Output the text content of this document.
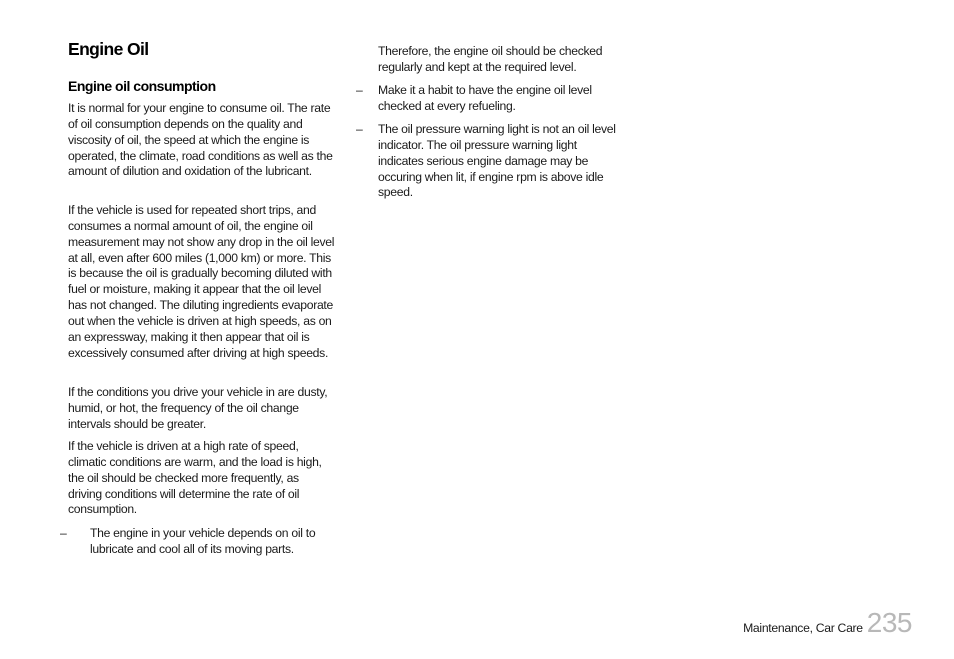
Engine Oil
Engine oil consumption

It is normal for your engine to consume oil. The rate of oil consumption depends on the quality and viscosity of oil, the speed at which the engine is operated, the climate, road conditions as well as the amount of dilution and oxidation of the lubricant.

If the vehicle is used for repeated short trips, and consumes a normal amount of oil, the engine oil measurement may not show any drop in the oil level at all, even after 600 miles (1,000 km) or more. This is because the oil is gradually becoming diluted with fuel or moisture, making it appear that the oil level has not changed. The diluting ingredients evaporate out when the vehicle is driven at high speeds, as on an expressway, making it then appear that oil is excessively consumed after driving at high speeds.

If the conditions you drive your vehicle in are dusty, humid, or hot, the frequency of the oil change intervals should be greater.

If the vehicle is driven at a high rate of speed, climatic conditions are warm, and the load is high, the oil should be checked more frequently, as driving conditions will determine the rate of oil consumption.

– The engine in your vehicle depends on oil to lubricate and cool all of its moving parts.

Therefore, the engine oil should be checked regularly and kept at the required level.

– Make it a habit to have the engine oil level checked at every refueling.
– The oil pressure warning light is not an oil level indicator. The oil pressure warning light indicates serious engine damage may be occuring when lit, if engine rpm is above idle speed.
Maintenance, Car Care 235
